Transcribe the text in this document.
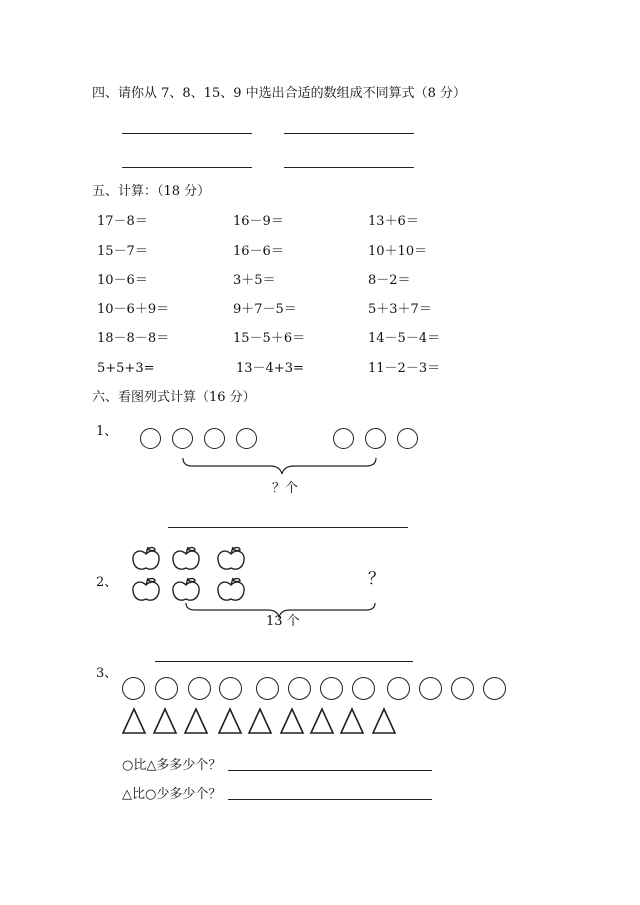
四、请你从 7、8、15、9 中选出合适的数组成不同算式（8 分）
五、计算：（18 分）
17－8＝	16－9＝	13＋6＝
15－7＝	16－6＝	10＋10＝
10－6＝	3＋5＝	8－2＝
10－6＋9＝	9＋7－5＝	5＋3＋7＝
18－8－8＝	15－5＋6＝	14－5－4＝
5+5+3=	13－4+3=	11－2－3＝
六、看图列式计算（16 分）
1、
？个
2、	？
13 个
3、
○比△多多少个？
△比○少多少个？
